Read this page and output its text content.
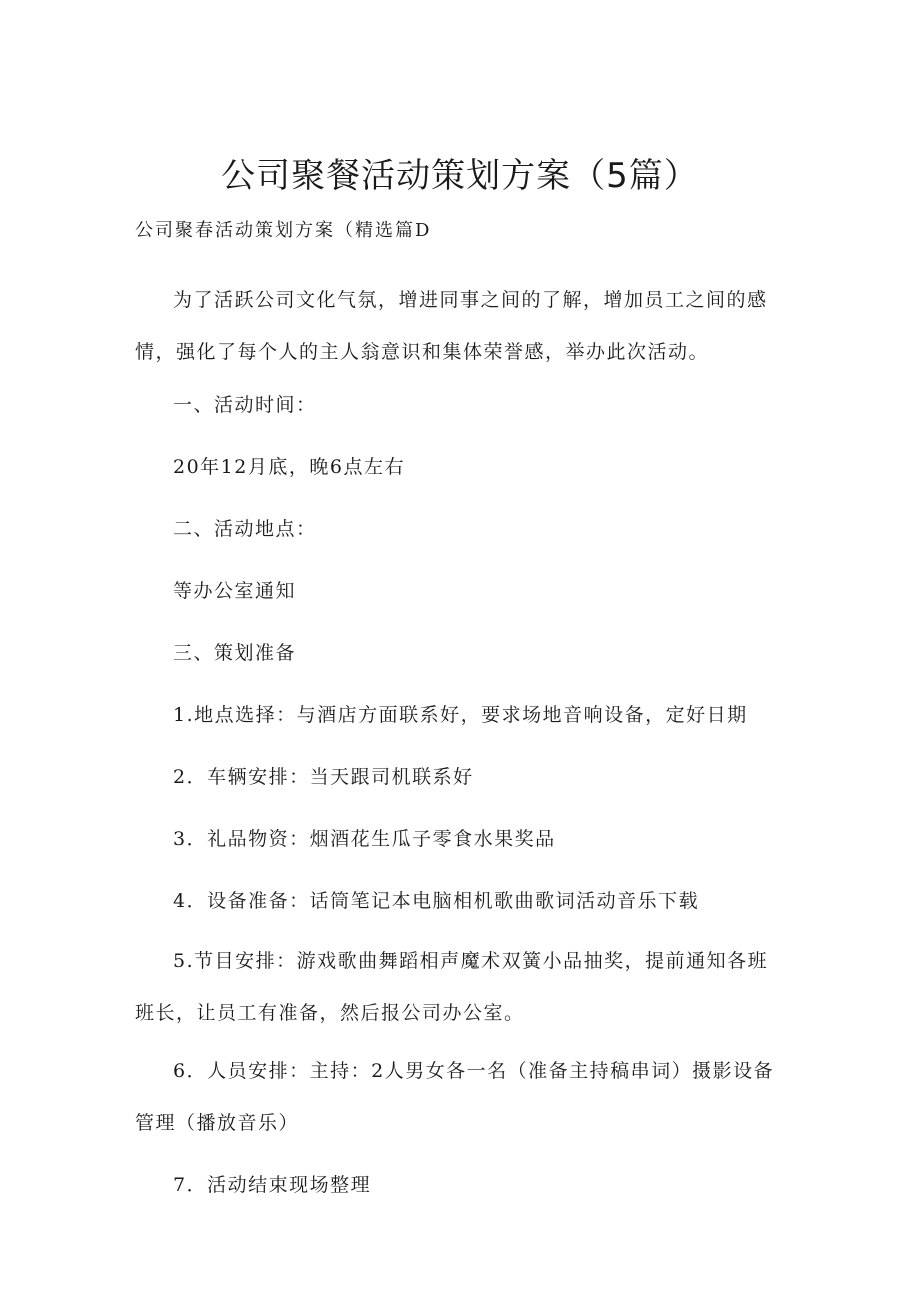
公司聚餐活动策划方案（5篇）

公司聚春活动策划方案（精选篇D

为了活跃公司文化气氛，增进同事之间的了解，增加员工之间的感情，强化了每个人的主人翁意识和集体荣誉感，举办此次活动。

一、活动时间：

20年12月底，晚6点左右

二、活动地点：

等办公室通知

三、策划准备

1.地点选择：与酒店方面联系好，要求场地音响设备，定好日期

2．车辆安排：当天跟司机联系好

3．礼品物资：烟酒花生瓜子零食水果奖品

4．设备准备：话筒笔记本电脑相机歌曲歌词活动音乐下载

5.节目安排：游戏歌曲舞蹈相声魔术双簧小品抽奖，提前通知各班班长，让员工有准备，然后报公司办公室。

6．人员安排：主持：2人男女各一名（准备主持稿串词）摄影设备管理（播放音乐）

7．活动结束现场整理
